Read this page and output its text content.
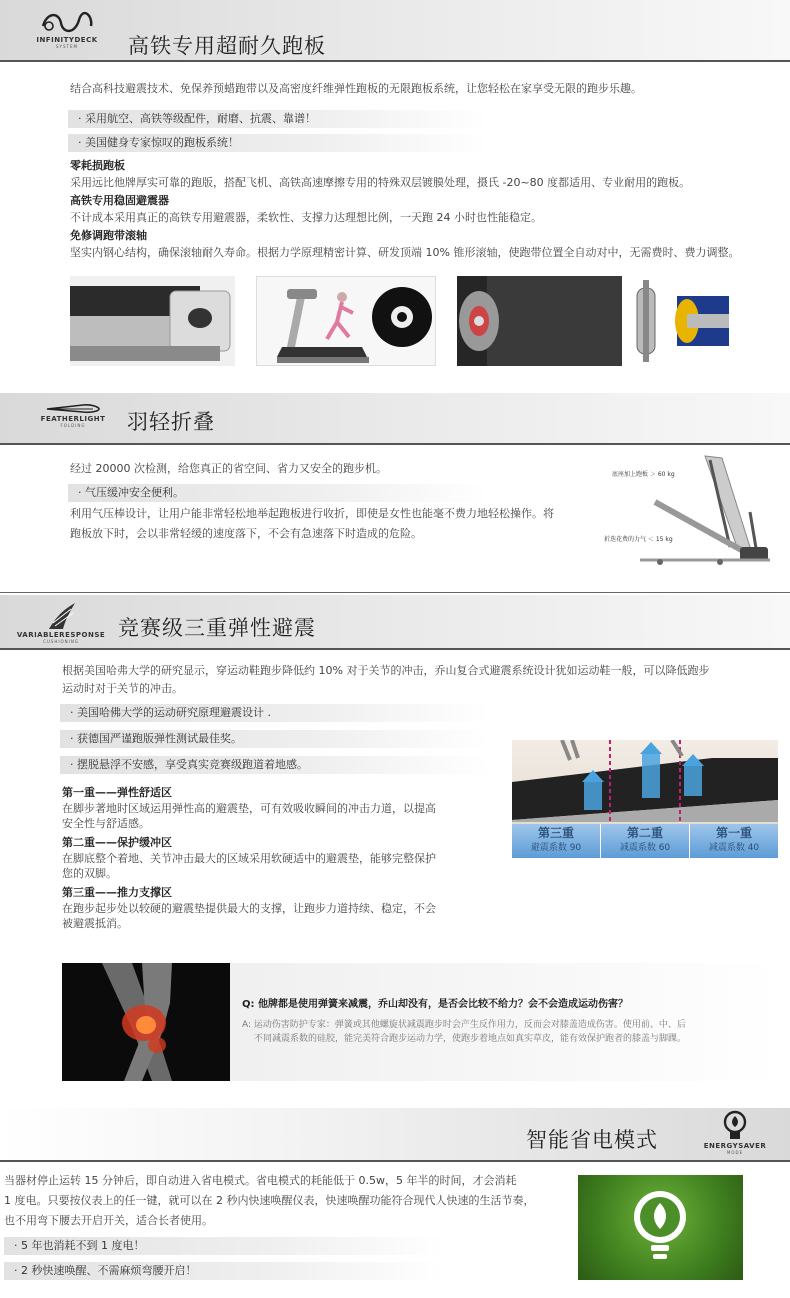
INFINITYDECK
SYSTEM	高铁专用超耐久跑板
结合高科技避震技术、免保养预蜡跑带以及高密度纤维弹性跑板的无限跑板系统，让您轻松在家享受无限的跑步乐趣。
· 采用航空、高铁等级配件，耐磨、抗震、靠谱！
· 美国健身专家惊叹的跑板系统！
零耗损跑板
采用远比他牌厚实可靠的跑版，搭配飞机、高铁高速摩擦专用的特殊双层镀膜处理，摄氏 -20~80 度都适用、专业耐用的跑板。
高铁专用稳固避震器
不计成本采用真正的高铁专用避震器，柔软性、支撑力达理想比例，一天跑 24 小时也性能稳定。
免修调跑带滚轴
坚实内钢心结构，确保滚轴耐久寿命。根据力学原理精密计算、研发顶端 10% 锥形滚轴，使跑带位置全自动对中，无需费时、费力调整。
FEATHERLIGHT
FOLDING	羽轻折叠
经过 20000 次检测，给您真正的省空间、省力又安全的跑步机。
· 气压缓冲安全便利。
利用气压棒设计，让用户能非常轻松地举起跑板进行收折，即使是女性也能毫不费力地轻松操作。将
跑板放下时，会以非常轻缓的速度落下，不会有急速落下时造成的危险。
底座加上跑板 ＞ 60 kg
折迭花费的力气 ＜ 15 kg
VARIABLERESPONSE
CUSHIONING
竞赛级三重弹性避震
根据美国哈弗大学的研究显示，穿运动鞋跑步降低约 10% 对于关节的冲击，乔山复合式避震系统设计犹如运动鞋一般，可以降低跑步
运动时对于关节的冲击。
· 美国哈佛大学的运动研究原理避震设计 .
· 获德国严谨跑版弹性测试最佳奖。
· 摆脱悬浮不安感，享受真实竞赛级跑道着地感。
第一重——弹性舒适区
在脚步著地时区域运用弹性高的避震垫，可有效吸收瞬间的冲击力道，以提高
安全性与舒适感。
第二重——保护缓冲区
在脚底整个着地、关节冲击最大的区域采用软硬适中的避震垫，能够完整保护
您的双脚。
第三重——推力支撑区
在跑步起步处以较硬的避震垫提供最大的支撑，让跑步力道持续、稳定，不会
被避震抵消。
第三重
避震系数 90
第二重
减震系数 60
第一重
减震系数 40
Q: 他牌都是使用弹簧来减震，乔山却没有，是否会比较不给力？会不会造成运动伤害？
A: 运动伤害防护专家：弹簧或其他螺旋状减震跑步时会产生反作用力，反而会对膝盖造成伤害。使用前、中、后
不同减震系数的硅胶，能完美符合跑步运动力学，使跑步着地点如真实草皮，能有效保护跑者的膝盖与脚踝。
智能省电模式	ENERGYSAVER
MODE
当器材停止运转 15 分钟后，即自动进入省电模式。省电模式的耗能低于 0.5w，5 年半的时间，才会消耗
1 度电。只要按仪表上的任一键，就可以在 2 秒内快速唤醒仪表，快速唤醒功能符合现代人快速的生活节奏，
也不用弯下腰去开启开关，适合长者使用。
· 5 年也消耗不到 1 度电！
· 2 秒快速唤醒、不需麻烦弯腰开启！
